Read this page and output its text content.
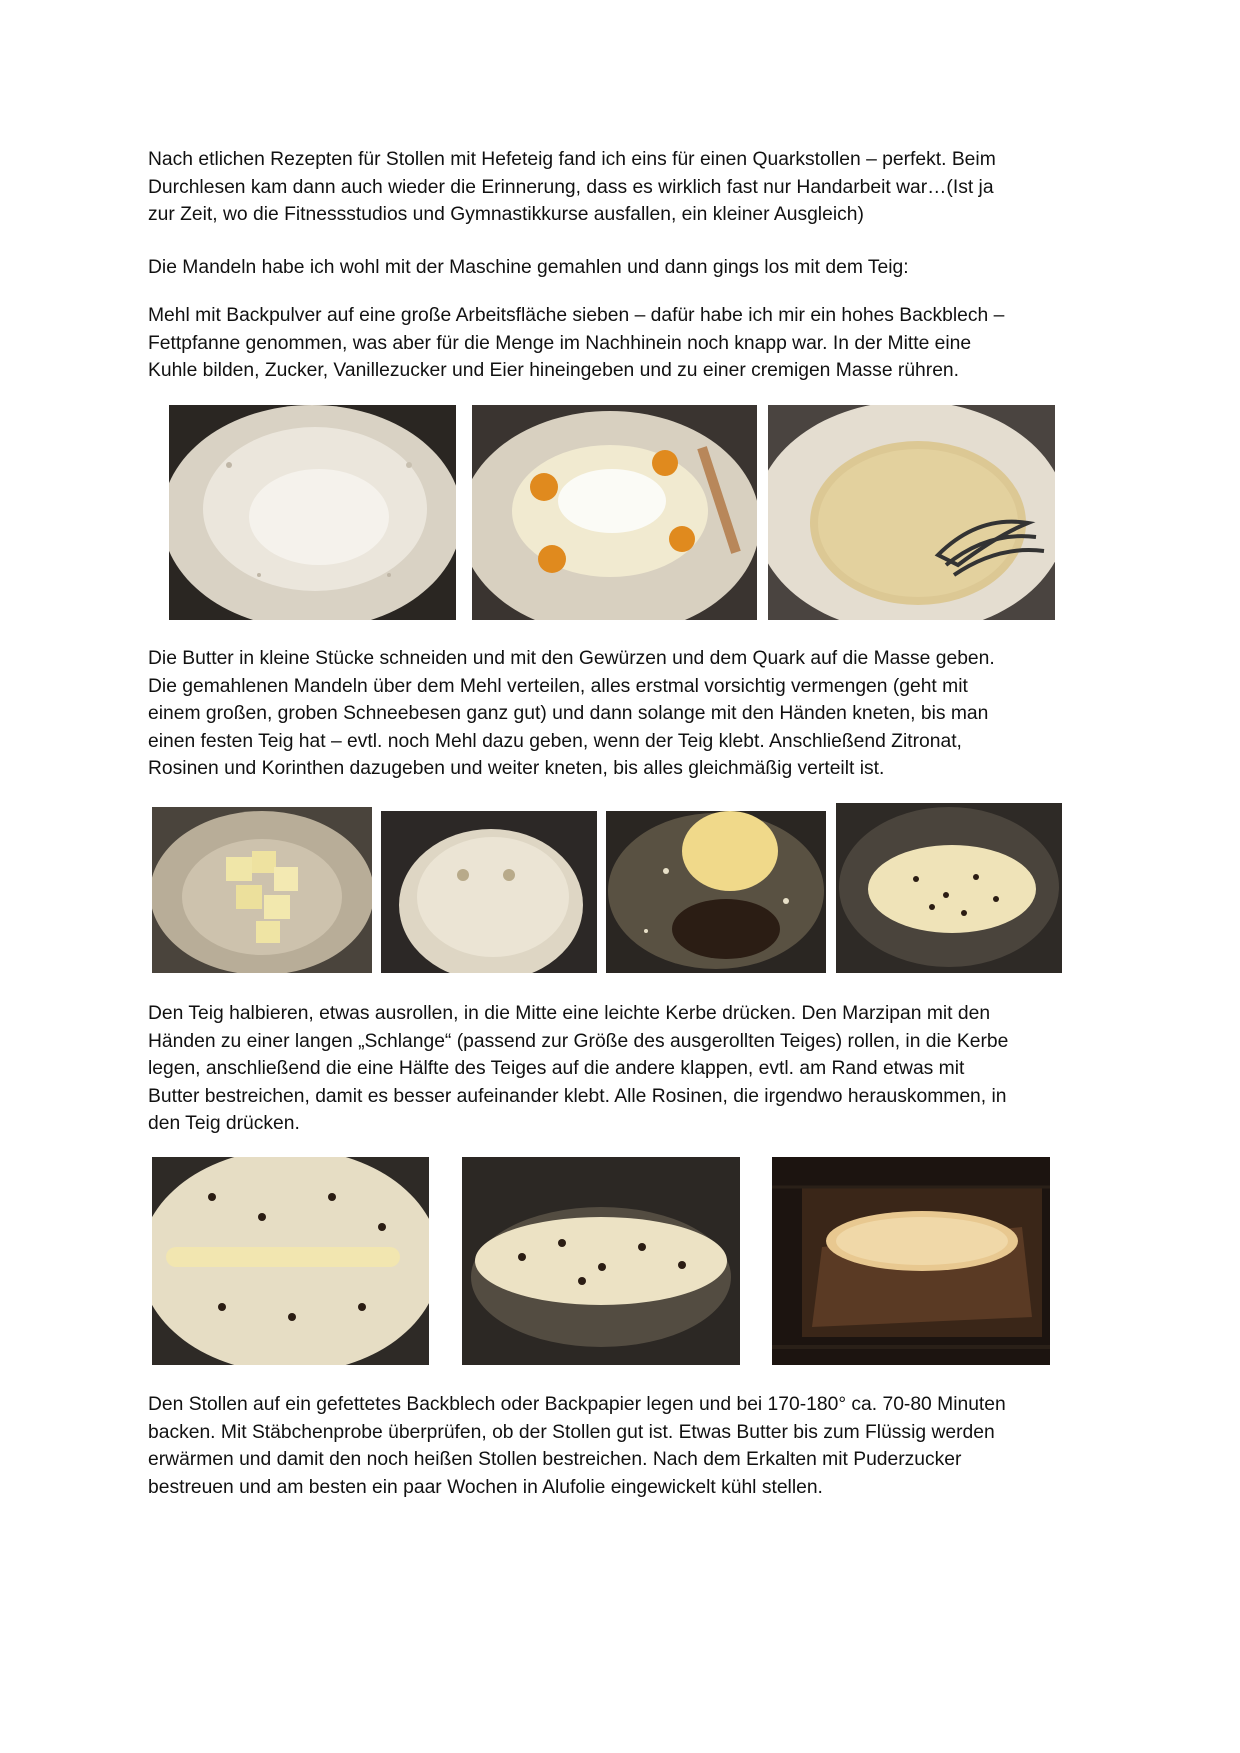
Nach etlichen Rezepten für Stollen mit Hefeteig fand ich eins für einen Quarkstollen – perfekt. Beim
Durchlesen kam dann auch wieder die Erinnerung, dass es wirklich fast nur Handarbeit war…(Ist ja
zur Zeit, wo die Fitnessstudios und Gymnastikkurse ausfallen, ein kleiner Ausgleich)

Die Mandeln habe ich wohl mit der Maschine gemahlen und dann gings los mit dem Teig:

Mehl mit Backpulver auf eine große Arbeitsfläche sieben – dafür habe ich mir ein hohes Backblech –
Fettpfanne genommen, was aber für die Menge im Nachhinein noch knapp war. In der Mitte eine
Kuhle bilden, Zucker, Vanillezucker und Eier hineingeben und zu einer cremigen Masse rühren.

Die Butter in kleine Stücke schneiden und mit den Gewürzen und dem Quark auf die Masse geben.
Die gemahlenen Mandeln über dem Mehl verteilen, alles erstmal vorsichtig vermengen (geht mit
einem großen, groben Schneebesen ganz gut) und dann solange mit den Händen kneten, bis man
einen festen Teig hat – evtl. noch Mehl dazu geben, wenn der Teig klebt. Anschließend Zitronat,
Rosinen und Korinthen dazugeben und weiter kneten, bis alles gleichmäßig verteilt ist.

Den Teig halbieren, etwas ausrollen, in die Mitte eine leichte Kerbe drücken. Den Marzipan mit den
Händen zu einer langen „Schlange“ (passend zur Größe des ausgerollten Teiges) rollen, in die Kerbe
legen, anschließend die eine Hälfte des Teiges auf die andere klappen, evtl. am Rand etwas mit
Butter bestreichen, damit es besser aufeinander klebt. Alle Rosinen, die irgendwo herauskommen, in
den Teig drücken.

Den Stollen auf ein gefettetes Backblech oder Backpapier legen und bei 170-180° ca. 70-80 Minuten
backen. Mit Stäbchenprobe überprüfen, ob der Stollen gut ist. Etwas Butter bis zum Flüssig werden
erwärmen und damit den noch heißen Stollen bestreichen. Nach dem Erkalten mit Puderzucker
bestreuen und am besten ein paar Wochen in Alufolie eingewickelt kühl stellen.
